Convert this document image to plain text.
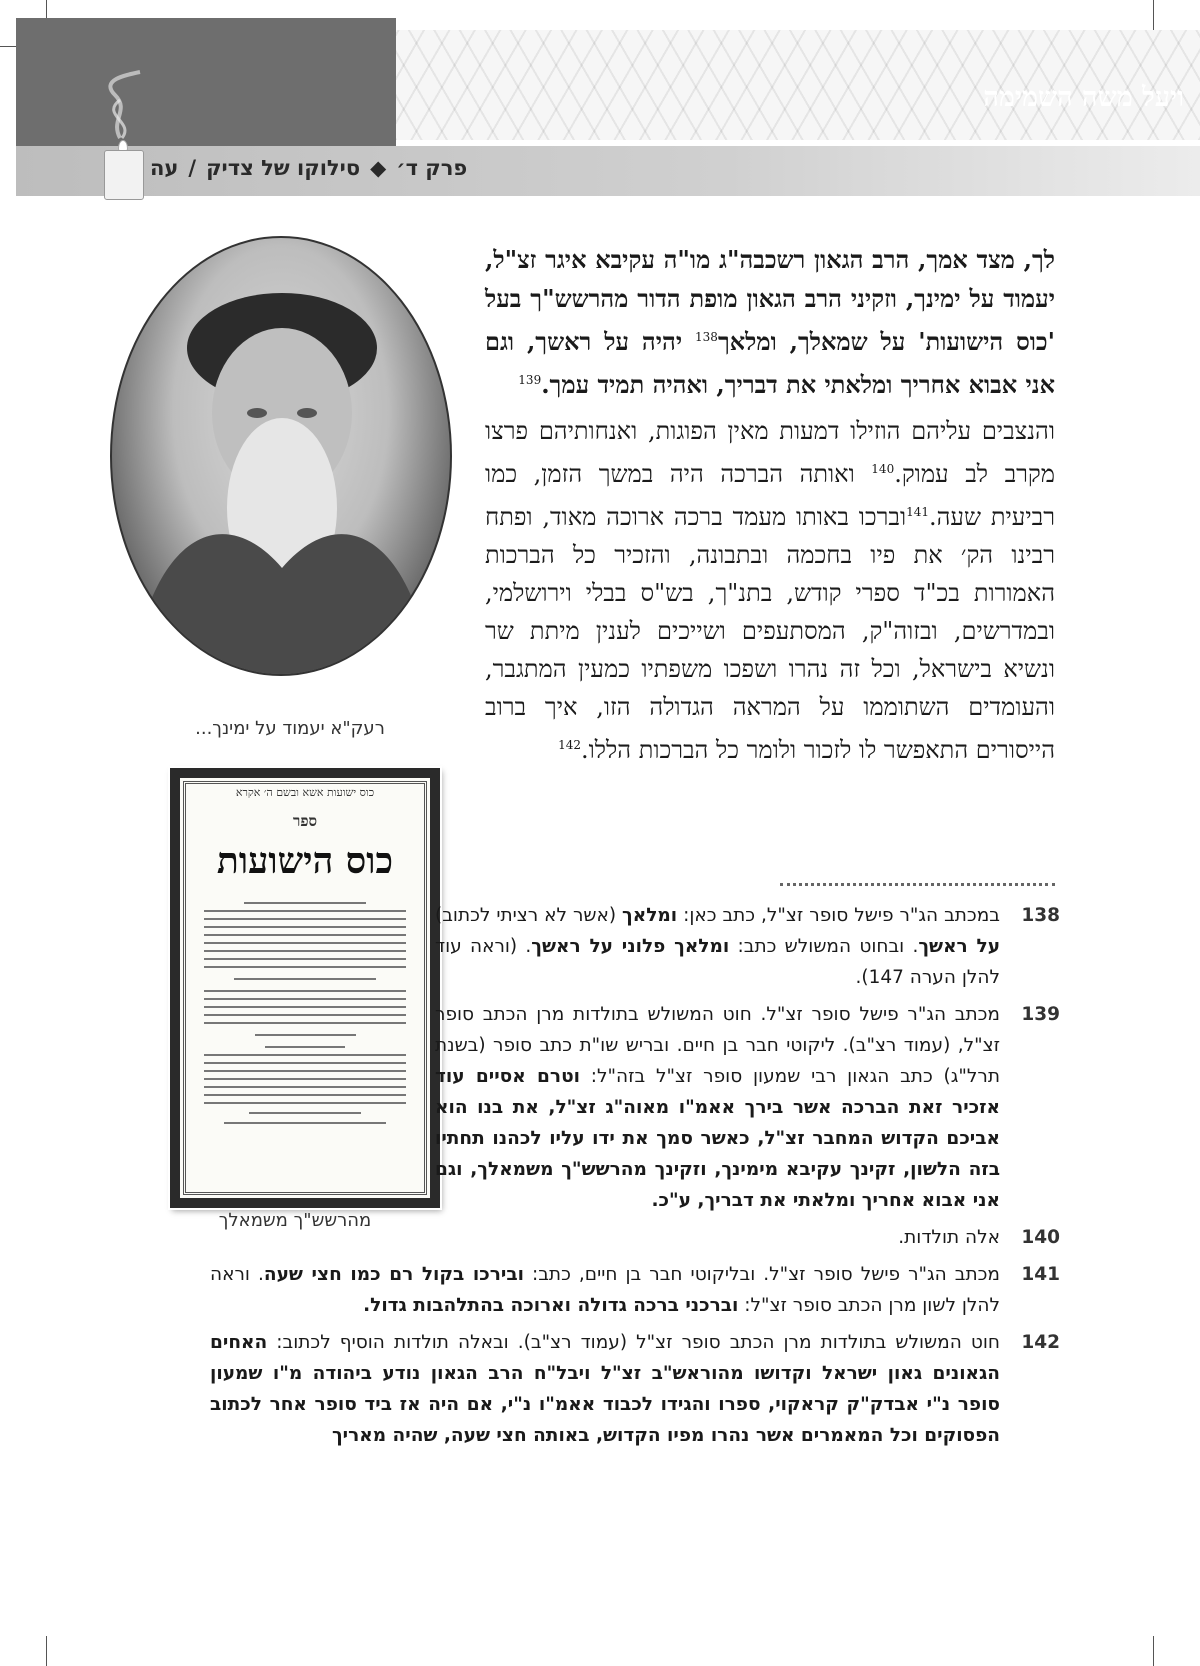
ויעל משה השמימה
פרק ד׳
◆
סילוקו של צדיק
/
עה
רעק"א יעמוד על ימינך...
כוס ישועות אשא ובשם ה׳ אקרא
ספר
כוס הישועות
מהרשש"ך משמאלך

לך, מצד אמך, הרב הגאון רשכבה"ג מו"ה עקיבא איגר זצ"ל, יעמוד על ימינך, וזקיני הרב הגאון מופת הדור מהרשש"ך בעל 'כוס הישועות' על שמאלך, ומלאך$^{138}$ יהיה על ראשך, וגם אני אבוא אחריך ומלאתי את דבריך, ואהיה תמיד עמך.$^{139}$

והנצבים עליהם הוזילו דמעות מאין הפוגות, ואנחותיהם פרצו מקרב לב עמוק.$^{140}$ ואותה הברכה היה במשך הזמן, כמו רביעית שעה.$^{141}$וברכו באותו מעמד ברכה ארוכה מאוד, ופתח רבינו הק׳ את פיו בחכמה ובתבונה, והזכיר כל הברכות האמורות בכ"ד ספרי קודש, בתנ"ך, בש"ס בבלי וירושלמי, ובמדרשים, ובזוה"ק, המסתעפים ושייכים לענין מיתת שר ונשיא בישראל, וכל זה נהרו ושפכו משפתיו כמעין המתגבר, והעומדים השתוממו על המראה הגדולה הזו, איך ברוב הייסורים התאפשר לו לזכור ולומר כל הברכות הללו.$^{142}$

138
במכתב הג"ר פישל סופר זצ"ל, כתב כאן: ומלאך (אשר לא רציתי לכתוב) על ראשך. ובחוט המשולש כתב: ומלאך פלוני על ראשך. (וראה עוד להלן הערה 147).
139
מכתב הג"ר פישל סופר זצ"ל. חוט המשולש בתולדות מרן הכתב סופר זצ"ל, (עמוד רצ"ב). ליקוטי חבר בן חיים. ובריש שו"ת כתב סופר (בשנת תרל"ג) כתב הגאון רבי שמעון סופר זצ"ל בזה"ל: וטרם אסיים עוד אזכיר זאת הברכה אשר בירך אאמ"ו מאוה"ג זצ"ל, את בנו הוא אביכם הקדוש המחבר זצ"ל, כאשר סמך את ידו עליו לכהנו תחתיו בזה הלשון, זקינך עקיבא מימינך, וזקינך מהרשש"ך משמאלך, וגם אני אבוא אחריך ומלאתי את דבריך, ע"כ.
140
אלה תולדות.
141
מכתב הג"ר פישל סופר זצ"ל. ובליקוטי חבר בן חיים, כתב: ובירכו בקול רם כמו חצי שעה. וראה להלן לשון מרן הכתב סופר זצ"ל: וברכני ברכה גדולה וארוכה בהתלהבות גדול.
142
חוט המשולש בתולדות מרן הכתב סופר זצ"ל (עמוד רצ"ב). ובאלה תולדות הוסיף לכתוב: האחים הגאונים גאון ישראל וקדושו מהוראש"ב זצ"ל ויבל"ח הרב הגאון נודע ביהודה מ"ו שמעון סופר נ"י אבדק"ק קראקוי, ספרו והגידו לכבוד אאמ"ו נ"י, אם היה אז ביד סופר אחר לכתוב הפסוקים וכל המאמרים אשר נהרו מפיו הקדוש, באותה חצי שעה, שהיה מאריך
